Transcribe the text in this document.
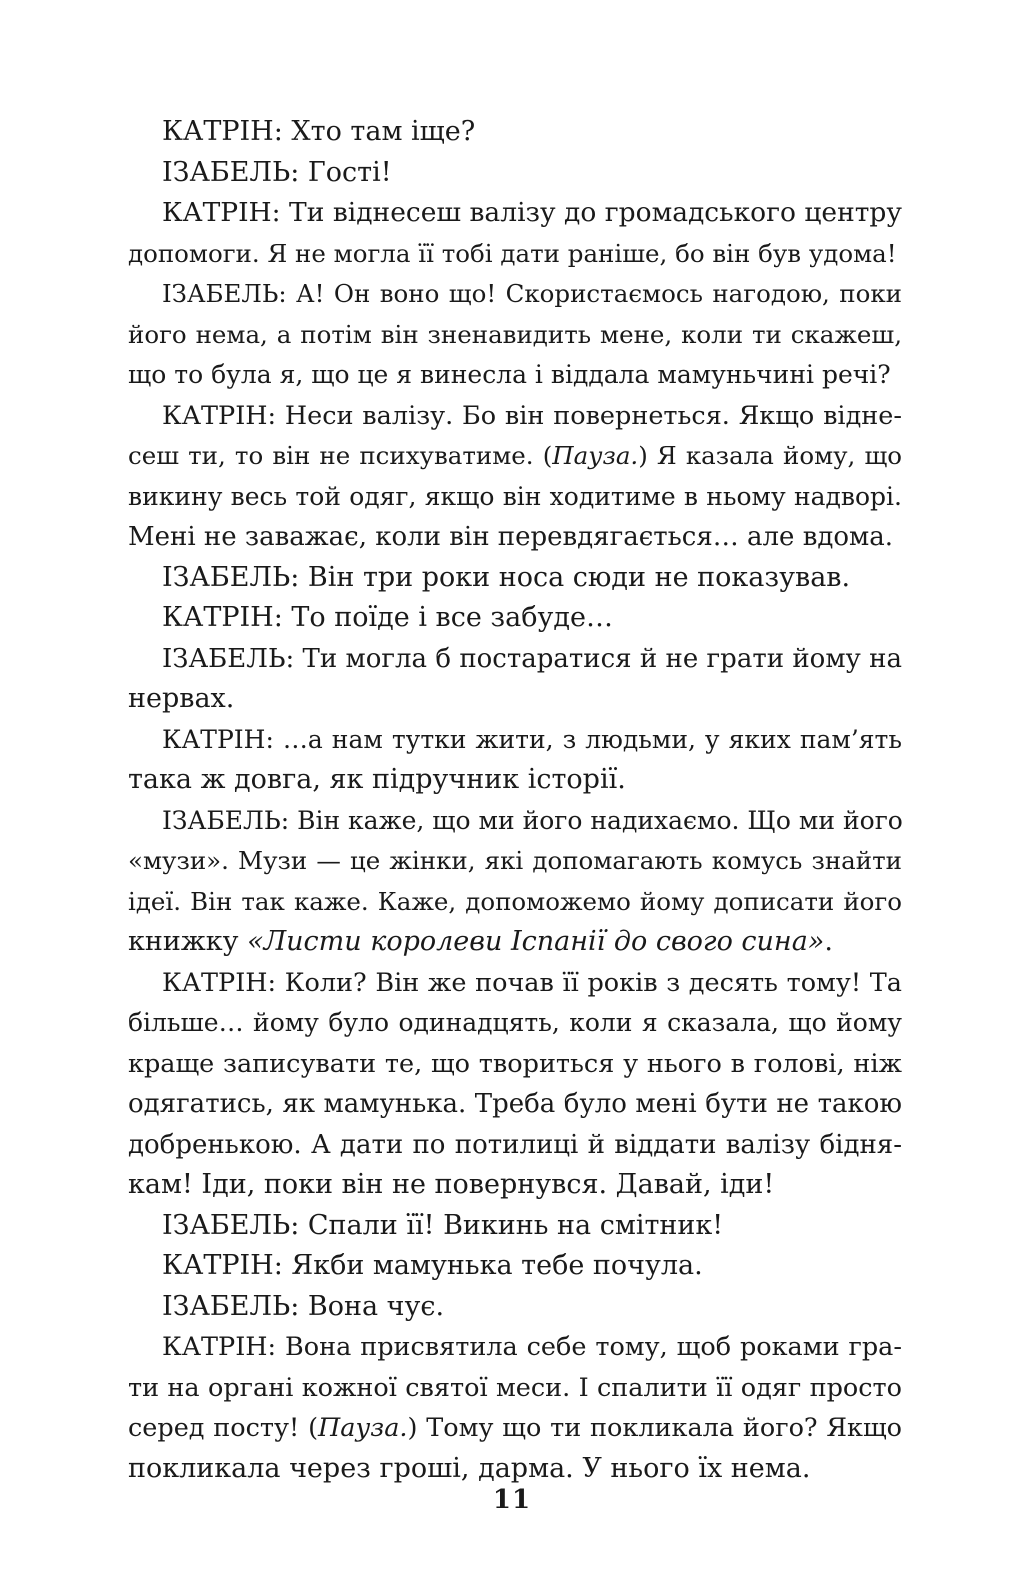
КАТРІН: Хто там іще?
ІЗАБЕЛЬ: Гості!
КАТРІН: Ти віднесеш валізу до громадського центру
допомоги. Я не могла її тобі дати раніше, бо він був удома!
ІЗАБЕЛЬ: А! Он воно що! Скористаємось нагодою, поки
його нема, а потім він зненавидить мене, коли ти скажеш,
що то була я, що це я винесла і віддала мамуньчині речі?
КАТРІН: Неси валізу. Бо він повернеться. Якщо відне-
сеш ти, то він не психуватиме. (Пауза.) Я казала йому, що
викину весь той одяг, якщо він ходитиме в ньому надворі.
Мені не заважає, коли він перевдягається… але вдома.
ІЗАБЕЛЬ: Він три роки носа сюди не показував.
КАТРІН: То поїде і все забуде…
ІЗАБЕЛЬ: Ти могла б постаратися й не грати йому на
нервах.
КАТРІН: …а нам тутки жити, з людьми, у яких пам’ять
така ж довга, як підручник історії.
ІЗАБЕЛЬ: Він каже, що ми його надихаємо. Що ми його
«музи». Музи — це жінки, які допомагають комусь знайти
ідеї. Він так каже. Каже, допоможемо йому дописати його
книжку «Листи королеви Іспанії до свого сина».
КАТРІН: Коли? Він же почав її років з десять тому! Та
більше… йому було одинадцять, коли я сказала, що йому
краще записувати те, що твориться у нього в голові, ніж
одягатись, як мамунька. Треба було мені бути не такою
добренькою. А дати по потилиці й віддати валізу бідня-
кам! Іди, поки він не повернувся. Давай, іди!
ІЗАБЕЛЬ: Спали її! Викинь на смітник!
КАТРІН: Якби мамунька тебе почула.
ІЗАБЕЛЬ: Вона чує.
КАТРІН: Вона присвятила себе тому, щоб роками гра-
ти на органі кожної святої меси. І спалити її одяг просто
серед посту! (Пауза.) Тому що ти покликала його? Якщо
покликала через гроші, дарма. У нього їх нема.
11
